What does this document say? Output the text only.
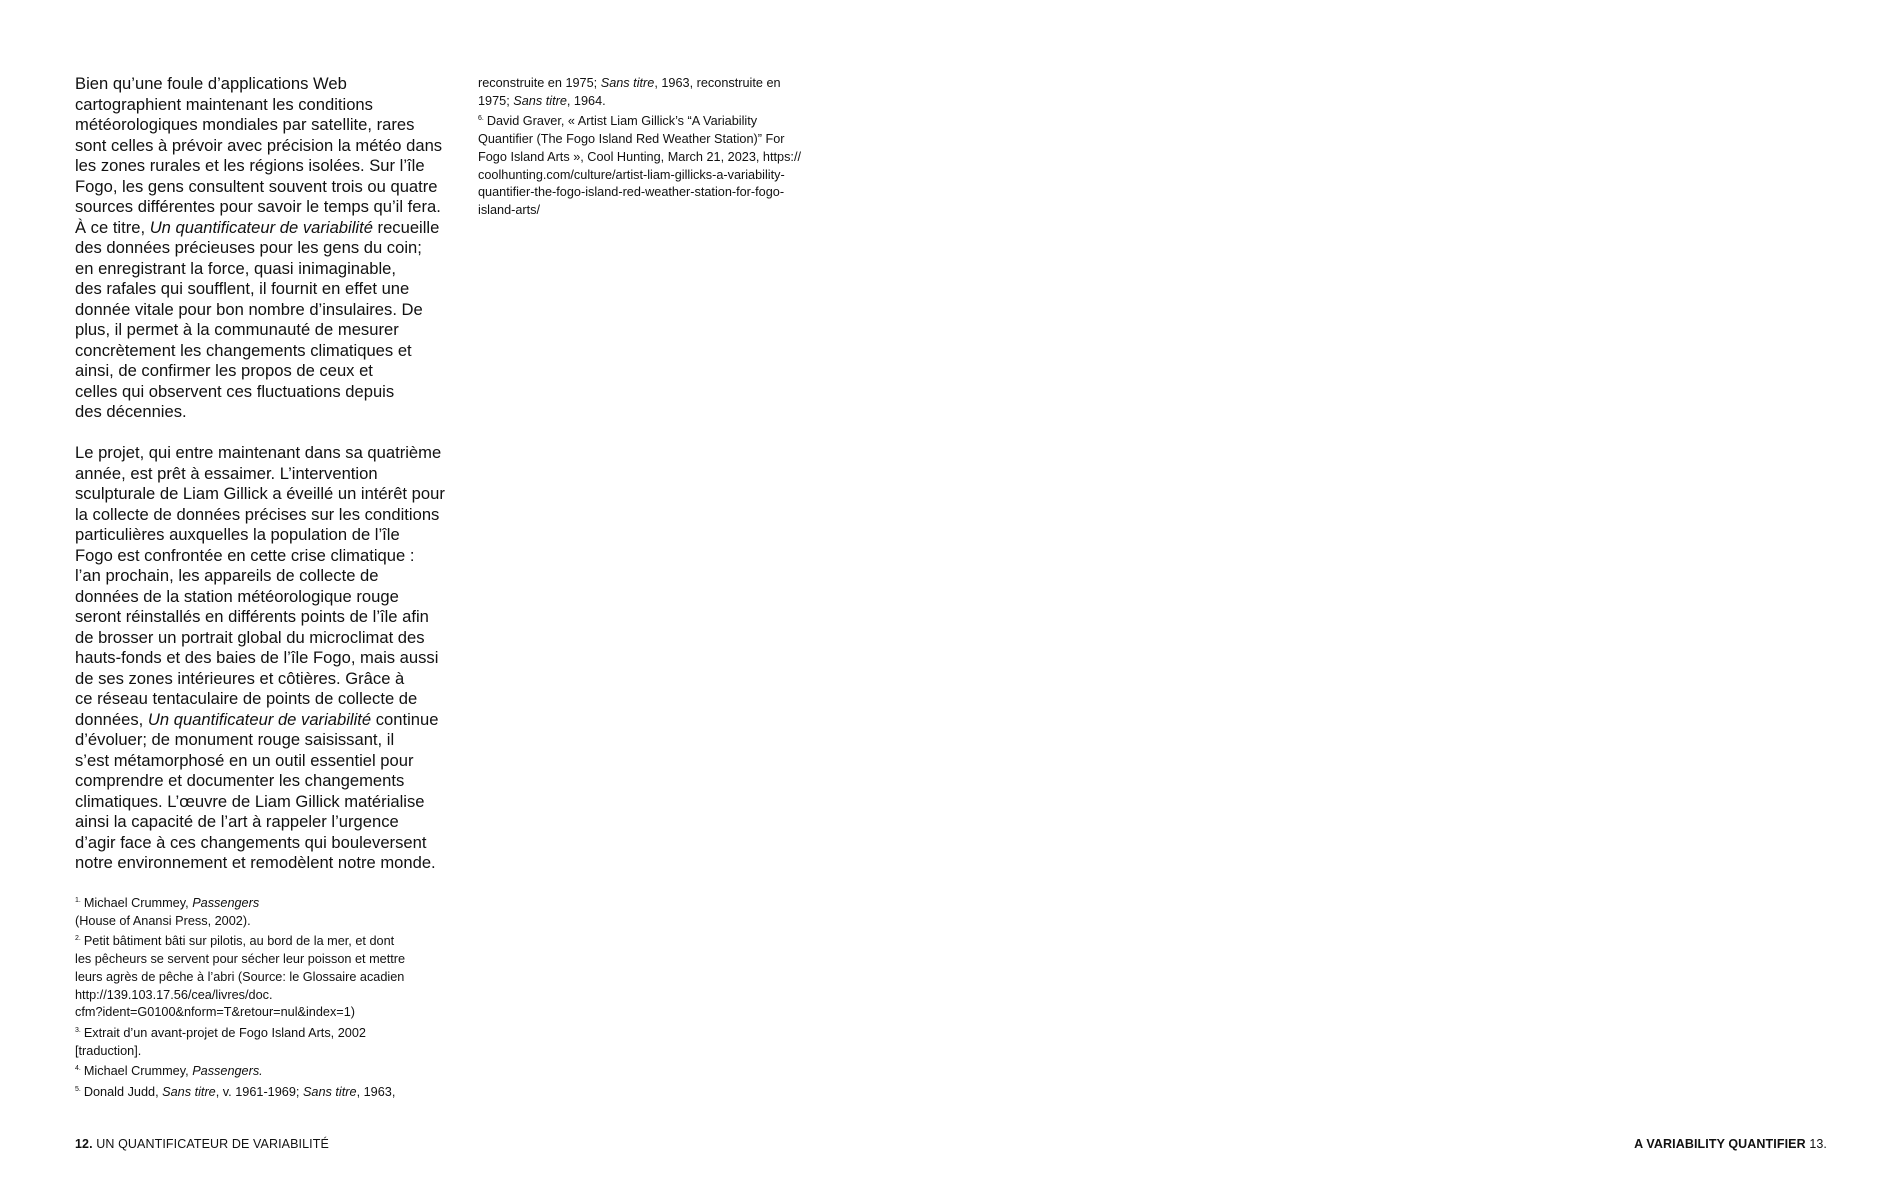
Bien qu’une foule d’applications Web
cartographient maintenant les conditions
météorologiques mondiales par satellite, rares
sont celles à prévoir avec précision la météo dans
les zones rurales et les régions isolées. Sur l’île
Fogo, les gens consultent souvent trois ou quatre
sources différentes pour savoir le temps qu’il fera.
À ce titre, Un quantificateur de variabilité recueille
des données précieuses pour les gens du coin;
en enregistrant la force, quasi inimaginable,
des rafales qui soufflent, il fournit en effet une
donnée vitale pour bon nombre d’insulaires. De
plus, il permet à la communauté de mesurer
concrètement les changements climatiques et
ainsi, de confirmer les propos de ceux et
celles qui observent ces fluctuations depuis
des décennies.

Le projet, qui entre maintenant dans sa quatrième
année, est prêt à essaimer. L’intervention
sculpturale de Liam Gillick a éveillé un intérêt pour
la collecte de données précises sur les conditions
particulières auxquelles la population de l’île
Fogo est confrontée en cette crise climatique :
l’an prochain, les appareils de collecte de
données de la station météorologique rouge
seront réinstallés en différents points de l’île afin
de brosser un portrait global du microclimat des
hauts-fonds et des baies de l’île Fogo, mais aussi
de ses zones intérieures et côtières. Grâce à
ce réseau tentaculaire de points de collecte de
données, Un quantificateur de variabilité continue
d’évoluer; de monument rouge saisissant, il
s’est métamorphosé en un outil essentiel pour
comprendre et documenter les changements
climatiques. L’œuvre de Liam Gillick matérialise
ainsi la capacité de l’art à rappeler l’urgence
d’agir face à ces changements qui bouleversent
notre environnement et remodèlent notre monde.

$^{1.}$ Michael Crummey, Passengers
(House of Anansi Press, 2002).

$^{2.}$ Petit bâtiment bâti sur pilotis, au bord de la mer, et dont
les pêcheurs se servent pour sécher leur poisson et mettre
leurs agrès de pêche à l’abri (Source: le Glossaire acadien
http://139.103.17.56/cea/livres/doc.
cfm?ident=G0100&nform=T&retour=nul&index=1)

$^{3.}$ Extrait d’un avant-projet de Fogo Island Arts, 2002
[traduction].

$^{4.}$ Michael Crummey, Passengers.

$^{5.}$ Donald Judd, Sans titre, v. 1961-1969; Sans titre, 1963,

reconstruite en 1975; Sans titre, 1963, reconstruite en
1975; Sans titre, 1964.

$^{6.}$ David Graver, « Artist Liam Gillick’s “A Variability
Quantifier (The Fogo Island Red Weather Station)” For
Fogo Island Arts », Cool Hunting, March 21, 2023, https://
coolhunting.com/culture/artist-liam-gillicks-a-variability-
quantifier-the-fogo-island-red-weather-station-for-fogo-
island-arts/

12. UN QUANTIFICATEUR DE VARIABILITÉ	A VARIABILITY QUANTIFIER 13.
